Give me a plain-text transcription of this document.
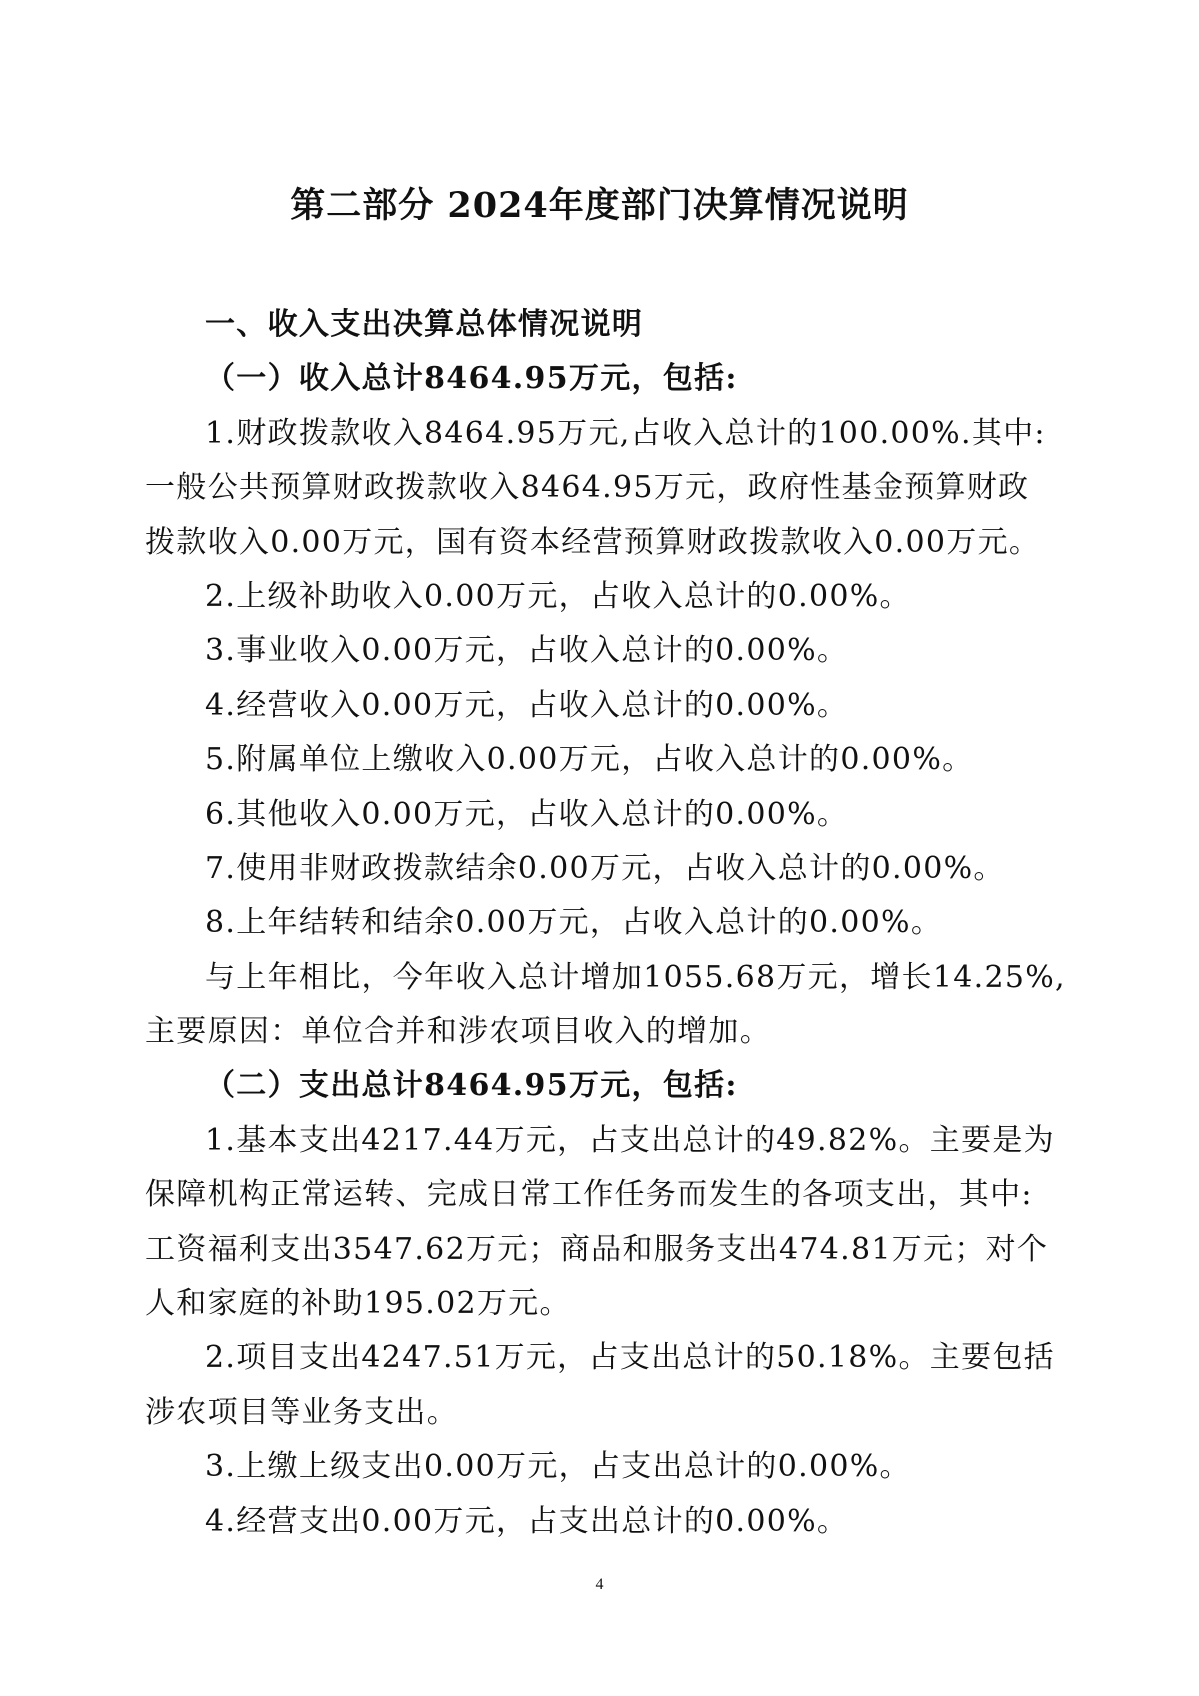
第二部分 2024年度部门决算情况说明
一、收入支出决算总体情况说明
（一）收入总计8464.95万元，包括:
1.财政拨款收入8464.95万元,占收入总计的100.00%.其中:
一般公共预算财政拨款收入8464.95万元，政府性基金预算财政
拨款收入0.00万元，国有资本经营预算财政拨款收入0.00万元。
2.上级补助收入0.00万元，占收入总计的0.00%。
3.事业收入0.00万元，占收入总计的0.00%。
4.经营收入0.00万元，占收入总计的0.00%。
5.附属单位上缴收入0.00万元，占收入总计的0.00%。
6.其他收入0.00万元，占收入总计的0.00%。
7.使用非财政拨款结余0.00万元，占收入总计的0.00%。
8.上年结转和结余0.00万元，占收入总计的0.00%。
与上年相比，今年收入总计增加1055.68万元，增长14.25%,
主要原因：单位合并和涉农项目收入的增加。
（二）支出总计8464.95万元，包括:
1.基本支出4217.44万元，占支出总计的49.82%。主要是为
保障机构正常运转、完成日常工作任务而发生的各项支出，其中:
工资福利支出3547.62万元；商品和服务支出474.81万元；对个
人和家庭的补助195.02万元。
2.项目支出4247.51万元，占支出总计的50.18%。主要包括
涉农项目等业务支出。
3.上缴上级支出0.00万元，占支出总计的0.00%。
4.经营支出0.00万元，占支出总计的0.00%。
4
